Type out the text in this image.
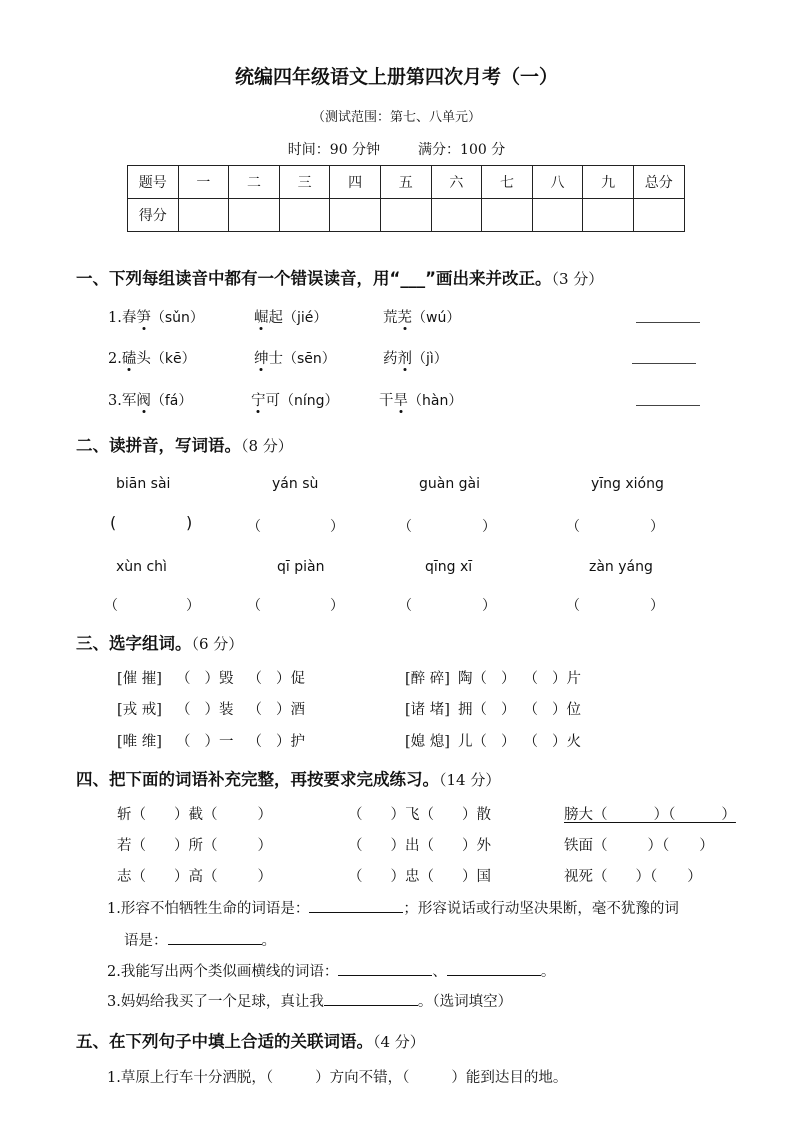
统编四年级语文上册第四次月考（一）
（测试范围：第七、八单元）
时间：90 分钟	满分：100 分
题号	一	二	三	四	五	六	七	八	九	总分
得分										
一、下列每组读音中都有一个错误读音，用“___”画出来并改正。（3 分）
1.春笋（sǔn）	崛起（jié）	荒芜（wú）
2.磕头（kē）	绅士（sēn）	药剂（jì）
3.军阀（fá）	宁可（níng）	干旱（hàn）
二、读拼音，写词语。（8 分）
biān sài	yán sù	guàn gài	yīng xióng
(	)	（	）	（	）	（	）
xùn chì	qī piàn	qīng xī	zàn yáng
（	）	（	）	（	）	（	）
三、选字组词。（6 分）
[催 摧] （ ）毁 （ ）促	[醉 碎] 陶（ ） （ ）片
[戎 戒] （ ）装 （ ）酒	[诸 堵] 拥（ ） （ ）位
[唯 维] （ ）一 （ ）护	[媳 熄] 儿（ ） （ ）火
四、把下面的词语补充完整，再按要求完成练习。（14 分）
斩（ ）截（	）	（ ）飞（ ）散	膀大（          ）（          ）
若（ ）所（	）	（ ）出（ ）外	铁面（	）（ ）
志（ ）高（	）	（ ）忠（ ）国	视死（ ）（ ）
1.形容不怕牺牲生命的词语是：	；形容说话或行动坚决果断，毫不犹豫的词
语是：	。
2.我能写出两个类似画横线的词语：	、	。
3.妈妈给我买了一个足球，真让我	。（选词填空）
五、在下列句子中填上合适的关联词语。（4 分）
1.草原上行车十分洒脱，（	）方向不错，（	）能到达目的地。
